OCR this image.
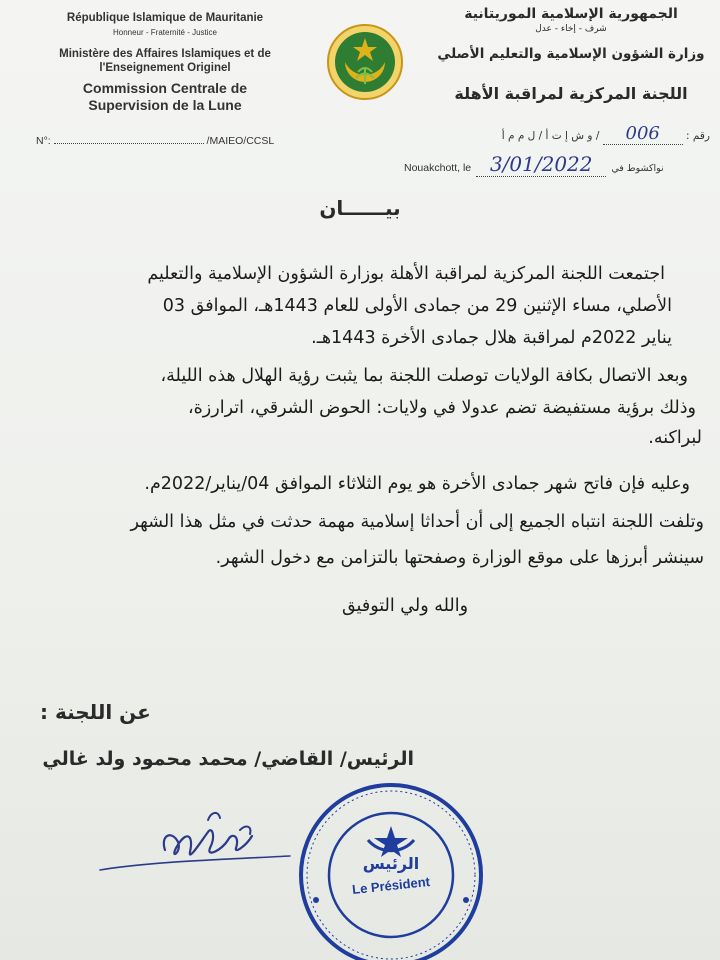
République Islamique de Mauritanie
Honneur - Fraternité - Justice
Ministère des Affaires Islamiques et de
l'Enseignement Originel
Commission Centrale de
Supervision de la Lune
N°:	/MAIEO/CCSL
الجمهورية الإسلامية الموريتانية
شرف - إخاء - عدل
وزارة الشؤون الإسلامية والتعليم الأصلي
اللجنة المركزية لمراقبة الأهلة
رقم : 006 / و ش إ ت أ / ل م م أ
Nouakchott, le 3/01/2022 نواكشوط في
بيــــــان
اجتمعت اللجنة المركزية لمراقبة الأهلة بوزارة الشؤون الإسلامية والتعليم
الأصلي، مساء الإثنين 29 من جمادى الأولى للعام 1443هـ، الموافق 03
يناير 2022م لمراقبة هلال جمادى الأخرة 1443هـ.
وبعد الاتصال بكافة الولايات توصلت اللجنة بما يثبت رؤية الهلال هذه الليلة،
وذلك برؤية مستفيضة تضم عدولا في ولايات: الحوض الشرقي، اترارزة،
لبراكنه.
وعليه فإن فاتح شهر جمادى الأخرة هو يوم الثلاثاء الموافق 04/يناير/2022م.
وتلفت اللجنة انتباه الجميع إلى أن أحداثا إسلامية مهمة حدثت في مثل هذا الشهر
سينشر أبرزها على موقع الوزارة وصفحتها بالتزامن مع دخول الشهر.
والله ولي التوفيق
عن اللجنة :
الرئيس/ القاضي/ محمد محمود ولد غالي
الرئيس
Le Président
